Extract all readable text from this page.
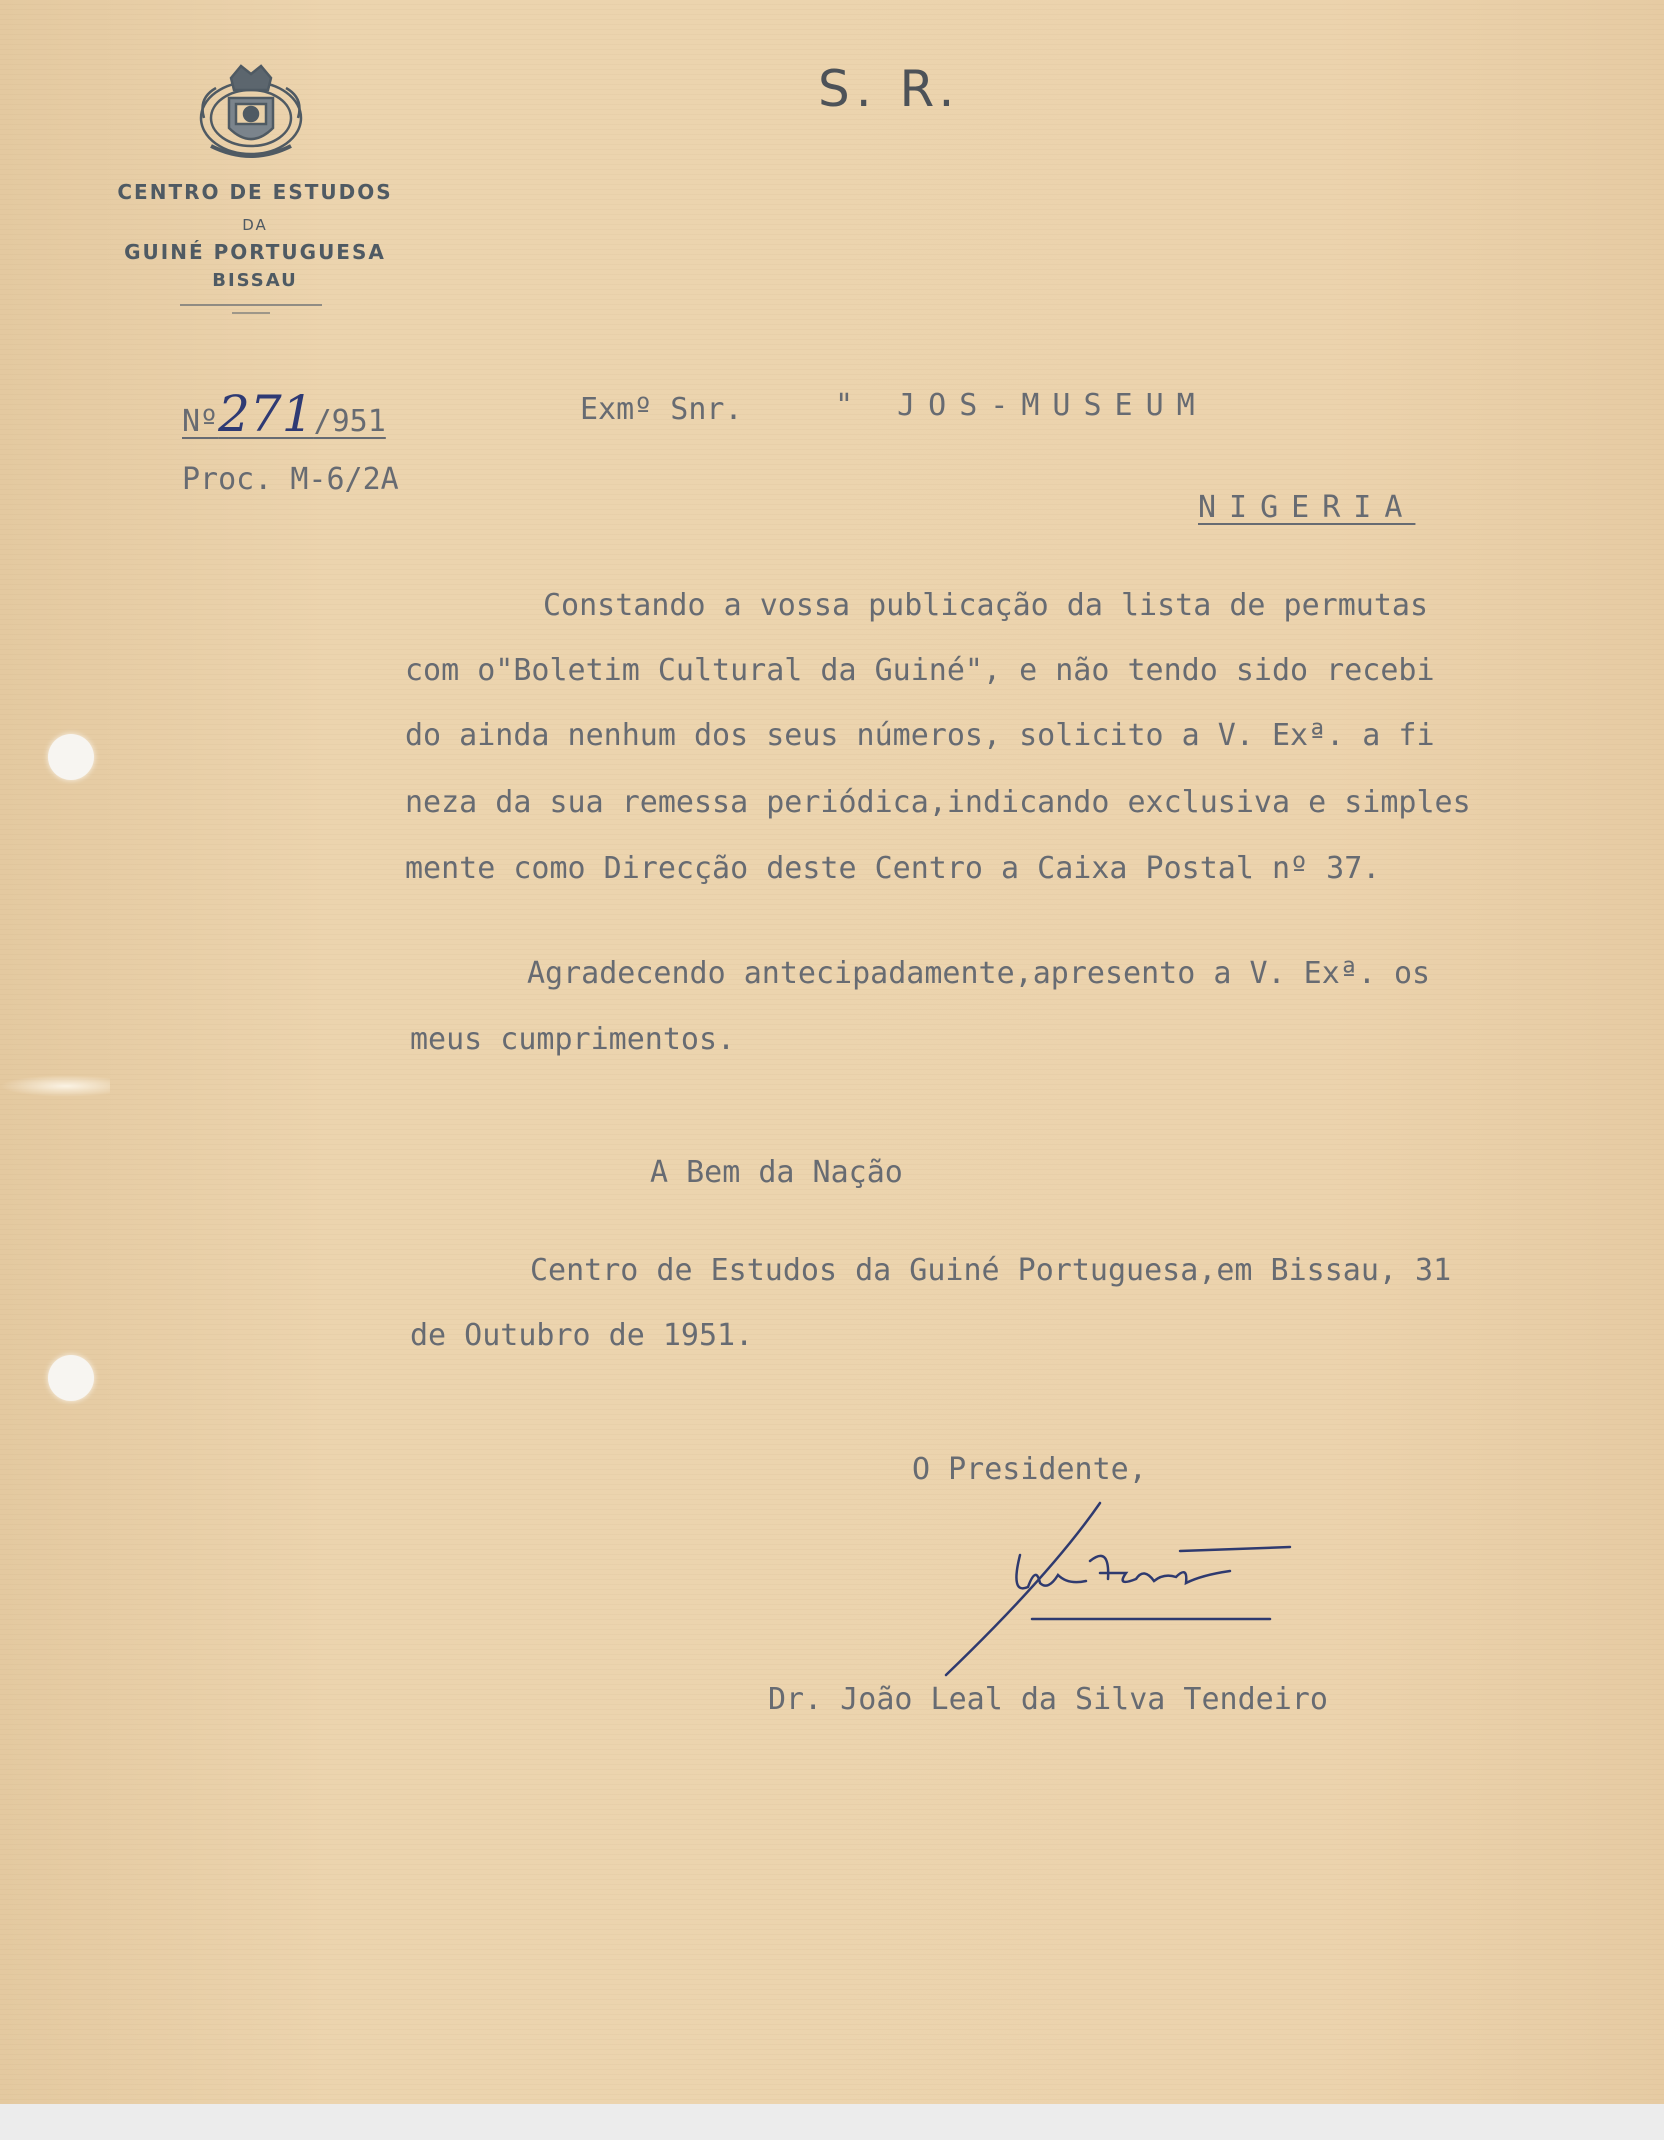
CENTRO DE ESTUDOS
DA
GUINÉ PORTUGUESA
BISSAU
S. R.
Nº271/951
Proc. M-6/2A
Exmº Snr.	" JOS-MUSEUM
NIGERIA
Constando a vossa publicação da lista de permutas
com o"Boletim Cultural da Guiné", e não tendo sido recebi
do ainda nenhum dos seus números, solicito a V. Exª. a fi
neza da sua remessa periódica,indicando exclusiva e simples
mente como Direcção deste Centro a Caixa Postal nº 37.
Agradecendo antecipadamente,apresento a V. Exª. os
meus cumprimentos.
A Bem da Nação
Centro de Estudos da Guiné Portuguesa,em Bissau, 31
de Outubro de 1951.
O Presidente,
Dr. João Leal da Silva Tendeiro
